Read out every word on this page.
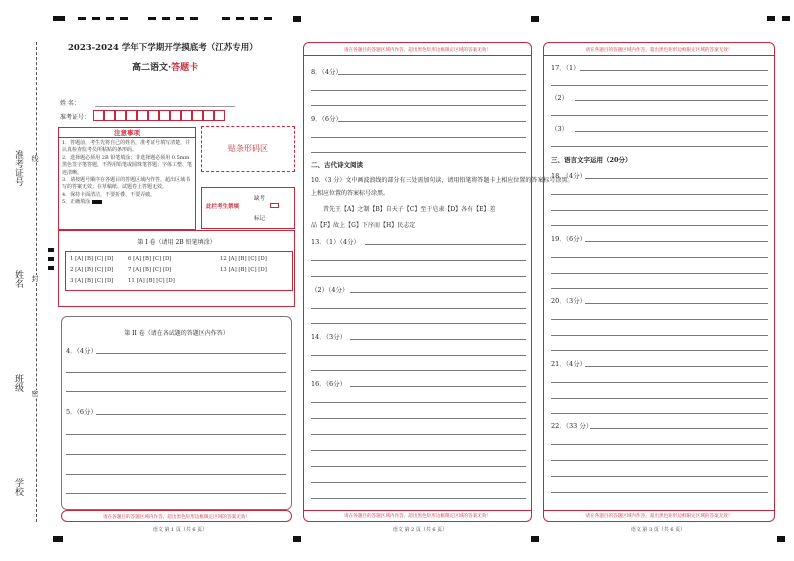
准考证号 线
姓名 封
班级
密
学校
2023-2024 学年下学期开学摸底考（江苏专用）
高二语文·答题卡
姓 名：
准考证号：
注意事项
1．答题前，考生先将自己的姓名，准考证号填写清楚，并认真检查监考员所粘贴的条形码。
2．选择题必须用 2B 铅笔填涂；非选择题必须用 0.5mm 黑色签字笔答题，不得用铅笔或圆珠笔答题；字体工整、笔迹清晰。
3．请按题号顺序在各题目的答题区域内作答，超出区域书写的答案无效；在草稿纸、试题卷上答题无效。
4．保持卡面清洁，不要折叠、不要弄破。
5．正确填涂
贴条形码区
此栏考生禁填
缺考
标记
第 I 卷（请用 2B 铅笔填涂）
1 [A] [B] [C] [D]	6 [A] [B] [C] [D]	12 [A] [B] [C] [D]
2 [A] [B] [C] [D]	7 [A] [B] [C] [D]	13 [A] [B] [C] [D]
3 [A] [B] [C] [D]	11 [A] [B] [C] [D]
第 II 卷（请在各试题的答题区内作答）
4．（4分）
5．（6分）
请在各题目的答题区域内作答，超出黑色矩形边框限定区域的答案无效！
语文 第 1 页（共 6 页）
请在各题目的答题区域内作答，超出黑色矩形边框限定区域的答案无效！
请在各题目的答题区域内作答，超出黑色矩形边框限定区域的答案无效！
8．（4分）
9．（6分）
二、古代诗文阅读
10．（3 分）文中画波浪线的部分有三处需加句读，请用铅笔将答题卡上相应位置的答案标号涂黑。
上相应位置的答案标号涂黑。
昔先王【A】之制【B】自天子【C】至于皂隶【D】各有【E】差
品【F】故上【G】下序而【H】民志定
13．（1）（4分）
（2）（4分）
14．（3分）
16．（6分）
语文 第 2 页（共 6 页）
请在各题目的答题区域内作答，超出黑色矩形边框限定区域的答案无效！
请在各题目的答题区域内作答，超出黑色矩形边框限定区域的答案无效！
17．（1）
（2）
（3）
三、语言文字运用（20分）
18．（4分）
19．（6分）
20．（3分）
21．（4分）
22．（33 分）
语文 第 3 页（共 6 页）
